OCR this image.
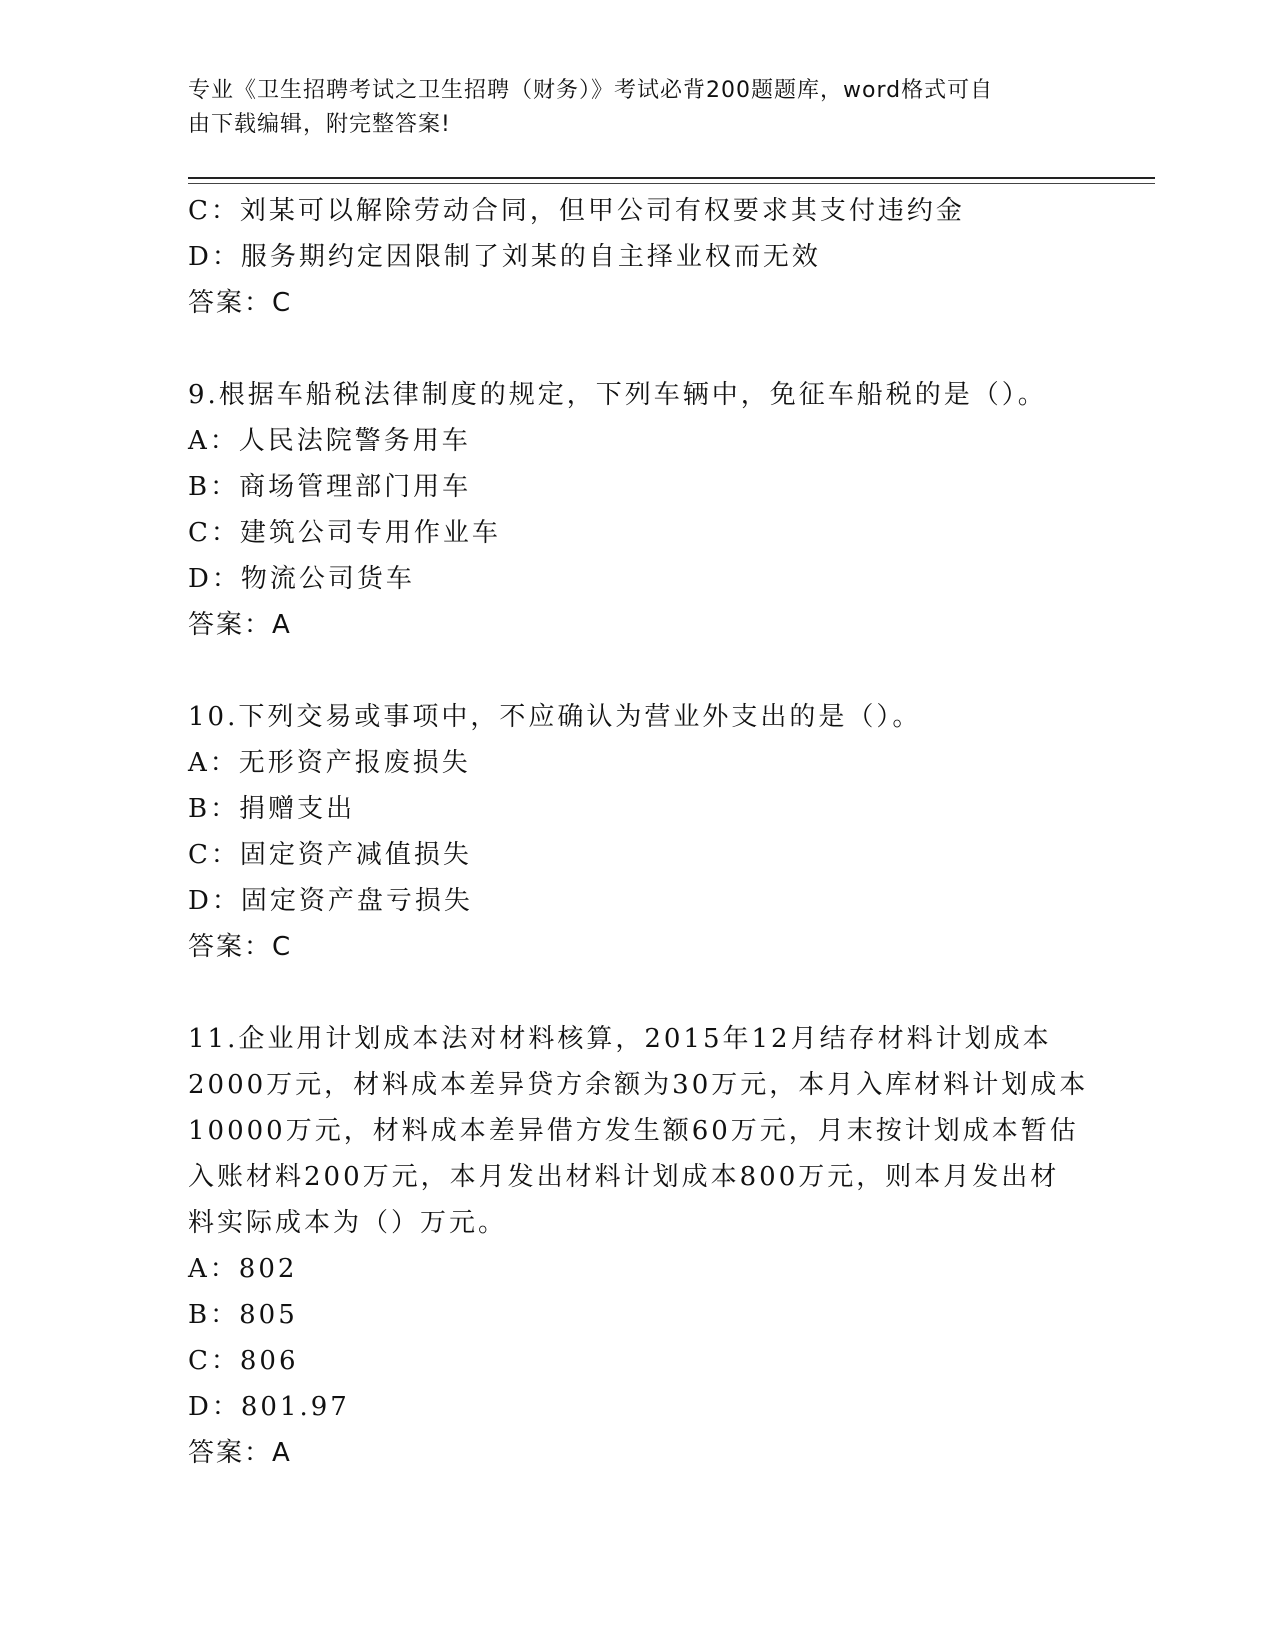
专业《卫生招聘考试之卫生招聘（财务）》考试必背200题题库，word格式可自
由下载编辑，附完整答案!
C：刘某可以解除劳动合同，但甲公司有权要求其支付违约金
D：服务期约定因限制了刘某的自主择业权而无效
答案：C
9.根据车船税法律制度的规定，下列车辆中，免征车船税的是（）。
A：人民法院警务用车
B：商场管理部门用车
C：建筑公司专用作业车
D：物流公司货车
答案：A
10.下列交易或事项中，不应确认为营业外支出的是（）。
A：无形资产报废损失
B：捐赠支出
C：固定资产减值损失
D：固定资产盘亏损失
答案：C
11.企业用计划成本法对材料核算，2015年12月结存材料计划成本
2000万元，材料成本差异贷方余额为30万元，本月入库材料计划成本
10000万元，材料成本差异借方发生额60万元，月末按计划成本暂估
入账材料200万元，本月发出材料计划成本800万元，则本月发出材
料实际成本为（）万元。
A：802
B：805
C：806
D：801.97
答案：A
